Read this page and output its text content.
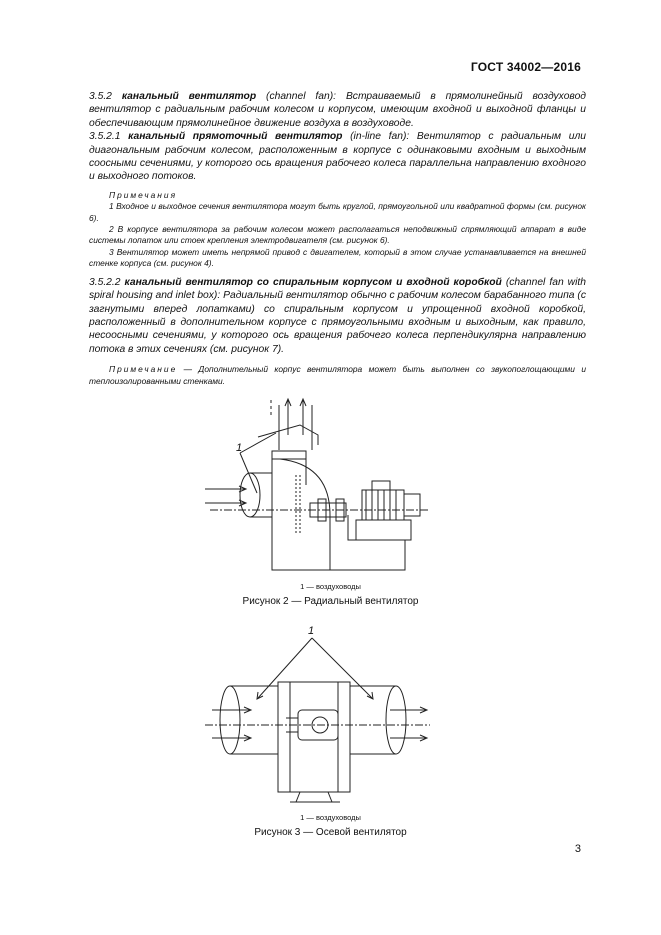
ГОСТ 34002—2016

3.5.2 канальный вентилятор (channel fan): Встраиваемый в прямолинейный воздуховод вентилятор с радиальным рабочим колесом и корпусом, имеющим входной и выходной фланцы и обеспечивающим прямолинейное движение воздуха в воздуховоде.

3.5.2.1 канальный прямоточный вентилятор (in-line fan): Вентилятор с радиальным или диагональным рабочим колесом, расположенным в корпусе с одинаковыми входным и выходным соосными сечениями, у которого ось вращения рабочего колеса параллельна направлению входного и выходного потоков.

Примечания

1 Входное и выходное сечения вентилятора могут быть круглой, прямоугольной или квадратной формы (см. рисунок 6).

2 В корпусе вентилятора за рабочим колесом может располагаться неподвижный спрямляющий аппарат в виде системы лопаток или стоек крепления электродвигателя (см. рисунок 6).

3 Вентилятор может иметь непрямой привод с двигателем, который в этом случае устанавливается на внешней стенке корпуса (см. рисунок 4).

3.5.2.2 канальный вентилятор со спиральным корпусом и входной коробкой (channel fan with spiral housing and inlet box): Радиальный вентилятор обычно с рабочим колесом барабанного типа (с загнутыми вперед лопатками) со спиральным корпусом и упрощенной входной коробкой, расположенный в дополнительном корпусе с прямоугольными входным и выходным, как правило, несоосными сечениями, у которого ось вращения рабочего колеса перпендикулярна направлению потока в этих сечениях (см. рисунок 7).

Примечание — Дополнительный корпус вентилятора может быть выполнен со звукопоглощающими и теплоизолированными стенками.

1
1 — воздуховоды
Рисунок 2 — Радиальный вентилятор
1
1 — воздуховоды
Рисунок 3 — Осевой вентилятор
3
